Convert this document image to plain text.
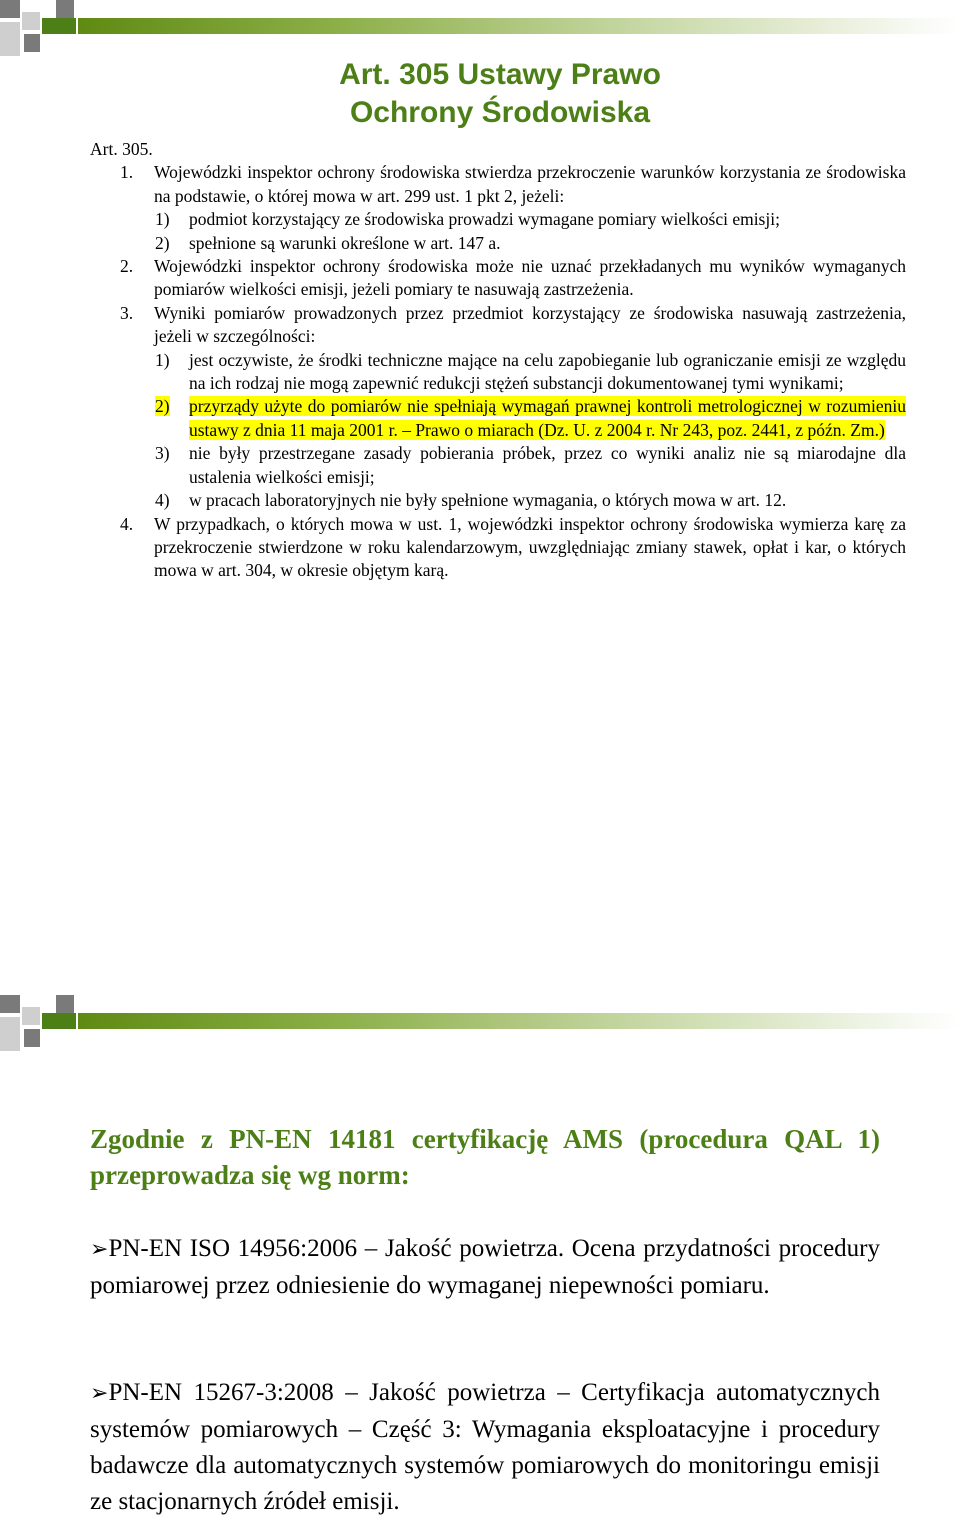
Art. 305 Ustawy Prawo
Ochrony Środowiska

Art. 305.

1.	Wojewódzki inspektor ochrony środowiska stwierdza przekroczenie warunków korzystania ze środowiska na podstawie, o której mowa w art. 299 ust. 1 pkt 2, jeżeli:
1)	podmiot korzystający ze środowiska prowadzi wymagane pomiary wielkości emisji;
2)	spełnione są warunki określone w art. 147 a.
2.	Wojewódzki inspektor ochrony środowiska może nie uznać przekładanych mu wyników wymaganych pomiarów wielkości emisji, jeżeli pomiary te nasuwają zastrzeżenia.
3.	Wyniki pomiarów prowadzonych przez przedmiot korzystający ze środowiska nasuwają zastrzeżenia, jeżeli w szczególności:
1)	jest oczywiste, że środki techniczne mające na celu zapobieganie lub ograniczanie emisji ze względu na ich rodzaj nie mogą zapewnić redukcji stężeń substancji dokumentowanej tymi wynikami;
2)	przyrządy użyte do pomiarów nie spełniają wymagań prawnej kontroli metrologicznej w rozumieniu ustawy z dnia 11 maja 2001 r. – Prawo o miarach (Dz. U. z 2004 r. Nr 243, poz. 2441, z późn. Zm.)
3)	nie były przestrzegane zasady pobierania próbek, przez co wyniki analiz nie są miarodajne dla ustalenia wielkości emisji;
4)	w pracach laboratoryjnych nie były spełnione wymagania, o których mowa w art. 12.
4.	W przypadkach, o których mowa w ust. 1, wojewódzki inspektor ochrony środowiska wymierza karę za przekroczenie stwierdzone w roku kalendarzowym, uwzględniając zmiany stawek, opłat i kar, o których mowa w art. 304, w okresie objętym karą.
Zgodnie z PN-EN 14181 certyfikację AMS (procedura QAL 1) przeprowadza się wg norm:
➢PN-EN ISO 14956:2006 – Jakość powietrza. Ocena przydatności procedury pomiarowej przez odniesienie do wymaganej niepewności pomiaru.
➢PN-EN 15267-3:2008 – Jakość powietrza – Certyfikacja automatycznych systemów pomiarowych – Część 3: Wymagania eksploatacyjne i procedury badawcze dla automatycznych systemów pomiarowych do monitoringu emisji ze stacjonarnych źródeł emisji.
